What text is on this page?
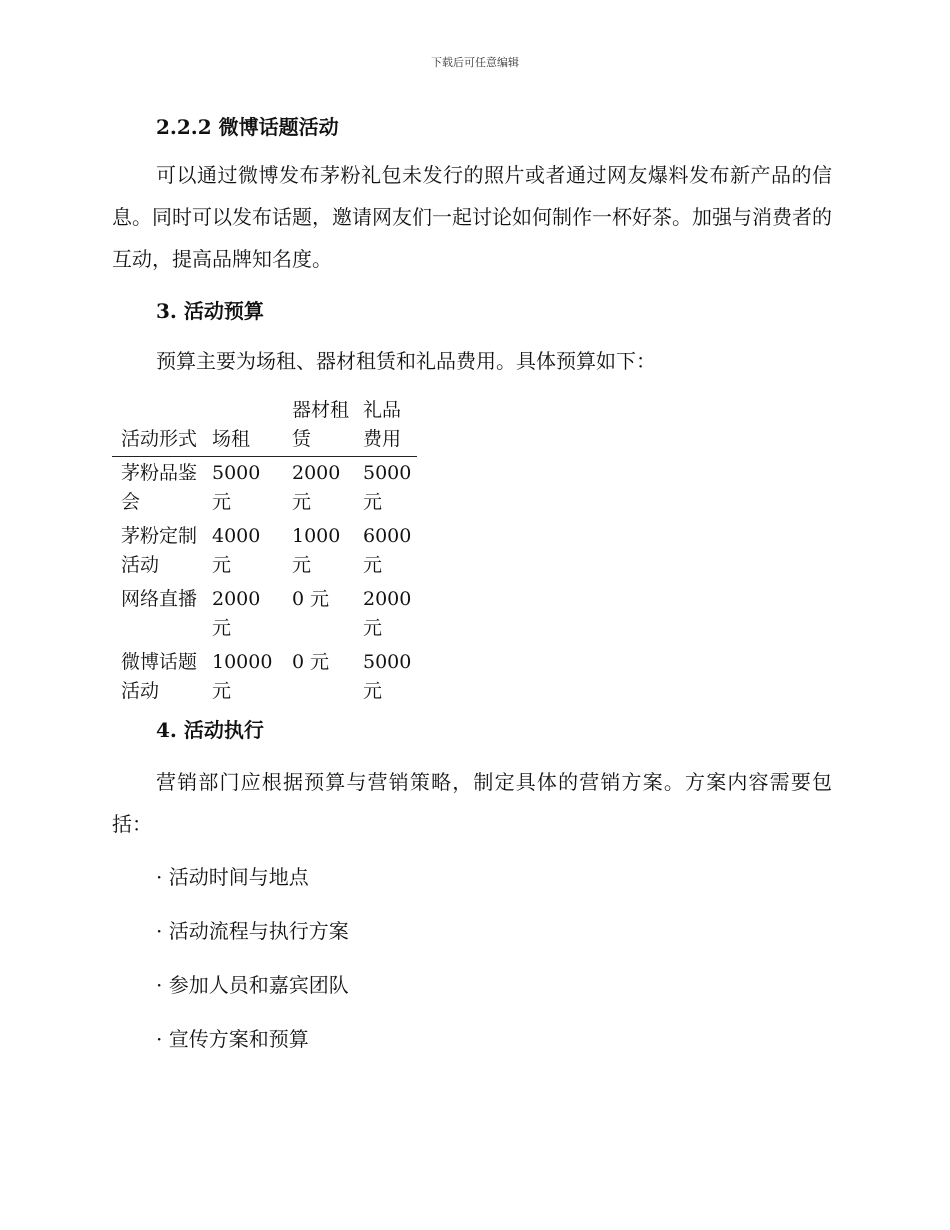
下载后可任意编辑
2.2.2 微博话题活动

可以通过微博发布茅粉礼包未发行的照片或者通过网友爆料发布新产品的信息。同时可以发布话题，邀请网友们一起讨论如何制作一杯好茶。加强与消费者的互动，提高品牌知名度。

3. 活动预算

预算主要为场租、器材租赁和礼品费用。具体预算如下：

活动形式	场租	器材租赁	礼品费用
茅粉品鉴会	5000 元	2000 元	5000 元
茅粉定制活动	4000 元	1000 元	6000 元
网络直播	2000 元	0 元	2000 元
微博话题活动	10000 元	0 元	5000 元
4. 活动执行

营销部门应根据预算与营销策略，制定具体的营销方案。方案内容需要包括：

· 活动时间与地点

· 活动流程与执行方案

· 参加人员和嘉宾团队

· 宣传方案和预算
